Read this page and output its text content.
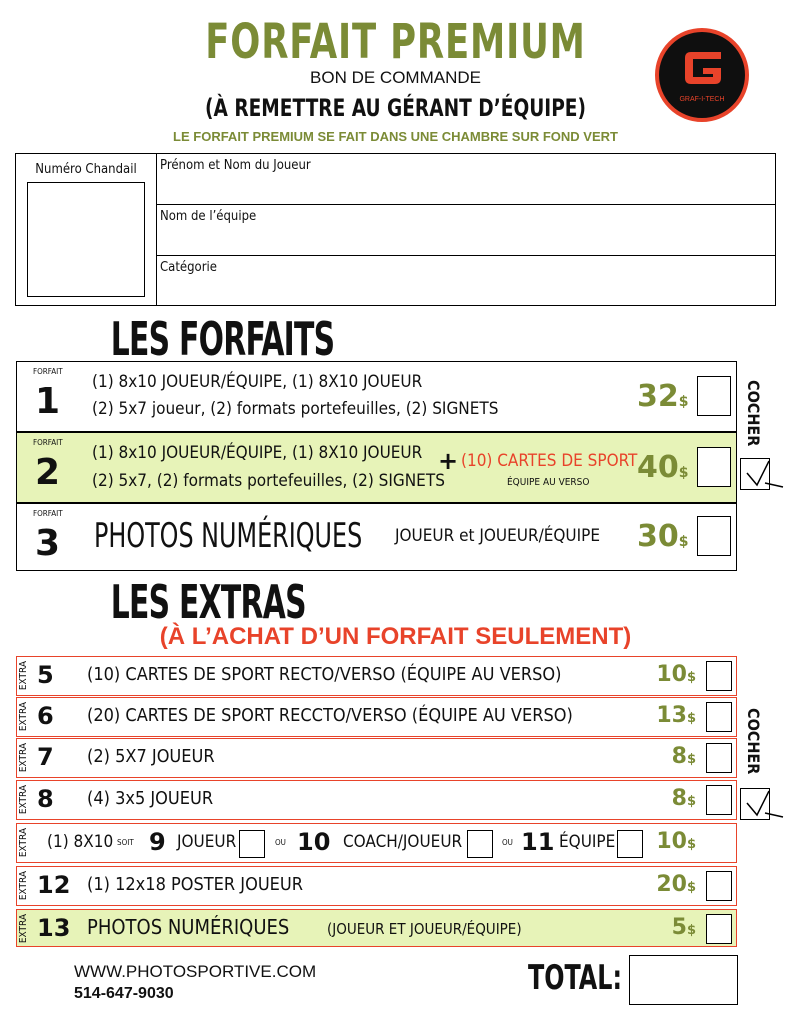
FORFAIT PREMIUM
BON DE COMMANDE
(À REMETTRE AU GÉRANT D’ÉQUIPE)
LE FORFAIT PREMIUM SE FAIT DANS UNE CHAMBRE SUR FOND VERT
GRAF-I-TECH
Numéro Chandail	Prénom et Nom du Joueur
Nom de l’équipe
Catégorie
LES FORFAITS
FORFAIT
1 (1) 8x10 JOUEUR/ÉQUIPE, (1) 8X10 JOUEUR
(2) 5x7 joueur, (2) formats portefeuilles, (2) SIGNETS	32$
FORFAIT
2 (1) 8x10 JOUEUR/ÉQUIPE, (1) 8X10 JOUEUR
(2) 5x7, (2) formats portefeuilles, (2) SIGNETS
+ (10) CARTES DE SPORT
ÉQUIPE AU VERSO 40$
FORFAIT
3 PHOTOS NUMÉRIQUES JOUEUR et JOUEUR/ÉQUIPE 30$
COCHER
LES EXTRAS
(À L’ACHAT D’UN FORFAIT SEULEMENT)
EXTRA 5 (10) CARTES DE SPORT RECTO/VERSO (ÉQUIPE AU VERSO)	10$
EXTRA 6 (20) CARTES DE SPORT RECCTO/VERSO (ÉQUIPE AU VERSO)	13$
EXTRA 7 (2) 5X7 JOUEUR	8$
EXTRA 8 (4) 3x5 JOUEUR	8$
EXTRA (1) 8X10 SOIT 9 JOUEUR	OU 10 COACH/JOUEUR	OU 11 ÉQUIPE 10$
EXTRA 12 (1) 12x18 POSTER JOUEUR	20$
EXTRA 13 PHOTOS NUMÉRIQUES	(JOUEUR ET JOUEUR/ÉQUIPE)	5$
COCHER
WWW.PHOTOSPORTIVE.COM
514-647-9030	TOTAL:
